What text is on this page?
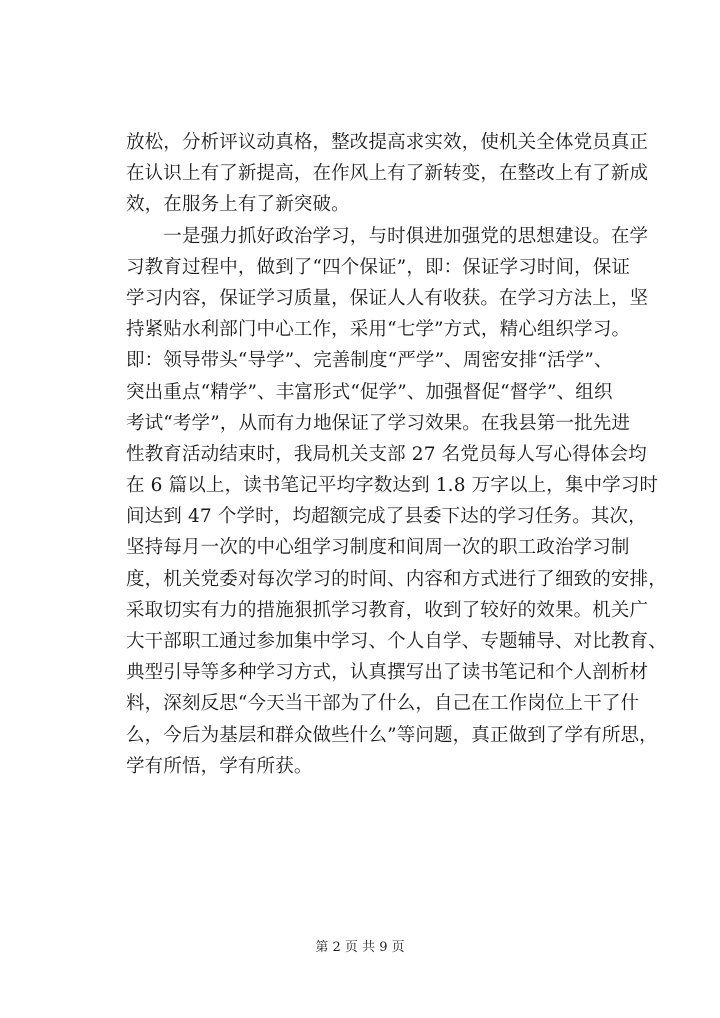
放松，分析评议动真格，整改提高求实效，使机关全体党员真正
在认识上有了新提高，在作风上有了新转变，在整改上有了新成
效，在服务上有了新突破。
　　一是强力抓好政治学习，与时俱进加强党的思想建设。在学
习教育过程中，做到了“四个保证”，即：保证学习时间，保证
学习内容，保证学习质量，保证人人有收获。在学习方法上，坚
持紧贴水利部门中心工作，采用“七学”方式，精心组织学习。
即：领导带头“导学”、完善制度“严学”、周密安排“活学”、
突出重点“精学”、丰富形式“促学”、加强督促“督学”、组织
考试“考学”，从而有力地保证了学习效果。在我县第一批先进
性教育活动结束时，我局机关支部 27 名党员每人写心得体会均
在 6 篇以上，读书笔记平均字数达到 1.8 万字以上，集中学习时
间达到 47 个学时，均超额完成了县委下达的学习任务。其次，
坚持每月一次的中心组学习制度和间周一次的职工政治学习制
度，机关党委对每次学习的时间、内容和方式进行了细致的安排，
采取切实有力的措施狠抓学习教育，收到了较好的效果。机关广
大干部职工通过参加集中学习、个人自学、专题辅导、对比教育、
典型引导等多种学习方式，认真撰写出了读书笔记和个人剖析材
料，深刻反思“今天当干部为了什么，自己在工作岗位上干了什
么，今后为基层和群众做些什么”等问题，真正做到了学有所思，
学有所悟，学有所获。
第 2 页 共 9 页
